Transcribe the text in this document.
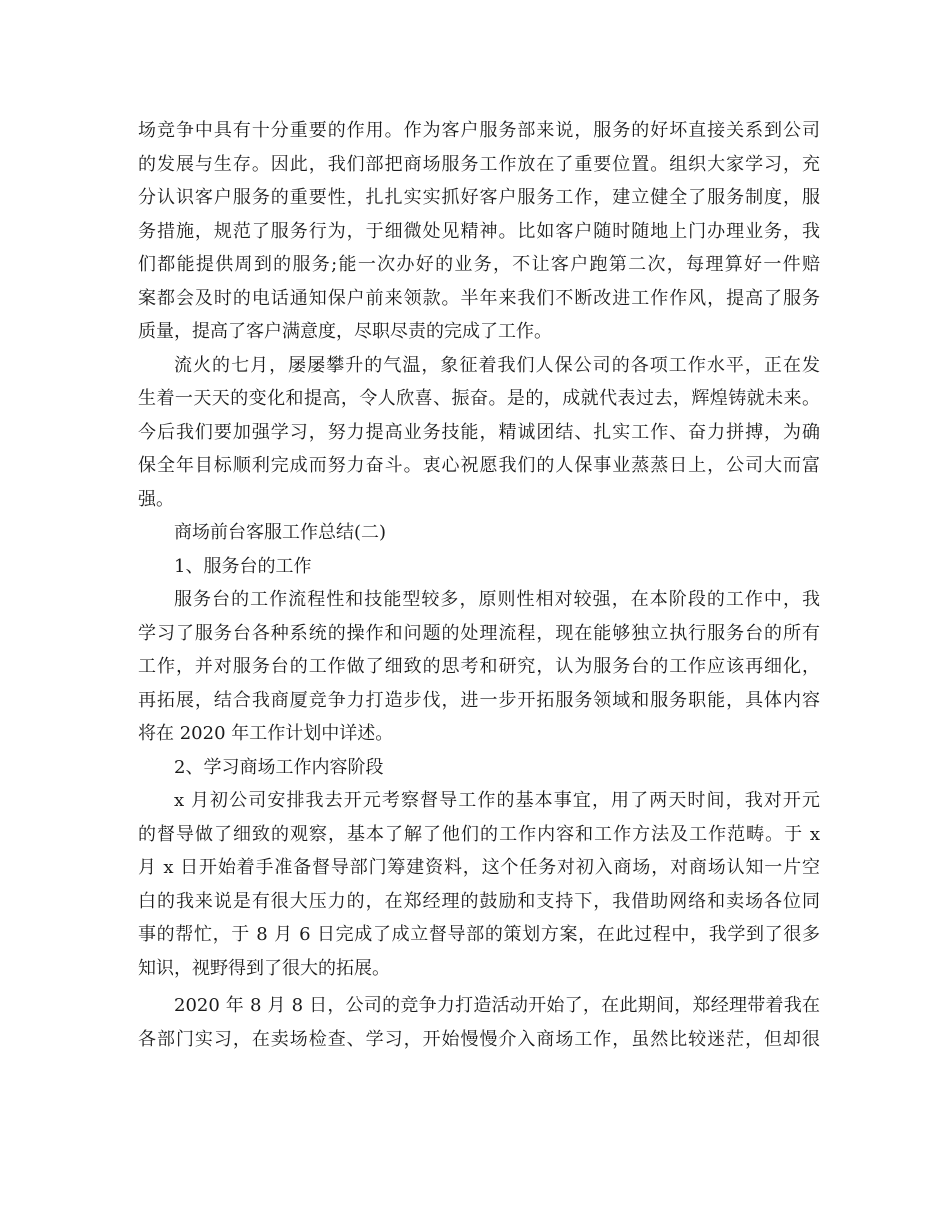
场竞争中具有十分重要的作用。作为客户服务部来说，服务的好坏直接关系到公司
的发展与生存。因此，我们部把商场服务工作放在了重要位置。组织大家学习，充
分认识客户服务的重要性，扎扎实实抓好客户服务工作，建立健全了服务制度，服
务措施，规范了服务行为，于细微处见精神。比如客户随时随地上门办理业务，我
们都能提供周到的服务;能一次办好的业务，不让客户跑第二次，每理算好一件赔
案都会及时的电话通知保户前来领款。半年来我们不断改进工作作风，提高了服务
质量，提高了客户满意度，尽职尽责的完成了工作。
流火的七月，屡屡攀升的气温，象征着我们人保公司的各项工作水平，正在发
生着一天天的变化和提高，令人欣喜、振奋。是的，成就代表过去，辉煌铸就未来。
今后我们要加强学习，努力提高业务技能，精诚团结、扎实工作、奋力拼搏，为确
保全年目标顺利完成而努力奋斗。衷心祝愿我们的人保事业蒸蒸日上，公司大而富
强。
商场前台客服工作总结(二)
1、服务台的工作
服务台的工作流程性和技能型较多，原则性相对较强，在本阶段的工作中，我
学习了服务台各种系统的操作和问题的处理流程，现在能够独立执行服务台的所有
工作，并对服务台的工作做了细致的思考和研究，认为服务台的工作应该再细化，
再拓展，结合我商厦竞争力打造步伐，进一步开拓服务领域和服务职能，具体内容
将在 2020 年工作计划中详述。
2、学习商场工作内容阶段
x 月初公司安排我去开元考察督导工作的基本事宜，用了两天时间，我对开元
的督导做了细致的观察，基本了解了他们的工作内容和工作方法及工作范畴。于 x
月 x 日开始着手准备督导部门筹建资料，这个任务对初入商场，对商场认知一片空
白的我来说是有很大压力的，在郑经理的鼓励和支持下，我借助网络和卖场各位同
事的帮忙，于 8 月 6 日完成了成立督导部的策划方案，在此过程中，我学到了很多
知识，视野得到了很大的拓展。
2020 年 8 月 8 日，公司的竞争力打造活动开始了，在此期间，郑经理带着我在
各部门实习，在卖场检查、学习，开始慢慢介入商场工作，虽然比较迷茫，但却很
